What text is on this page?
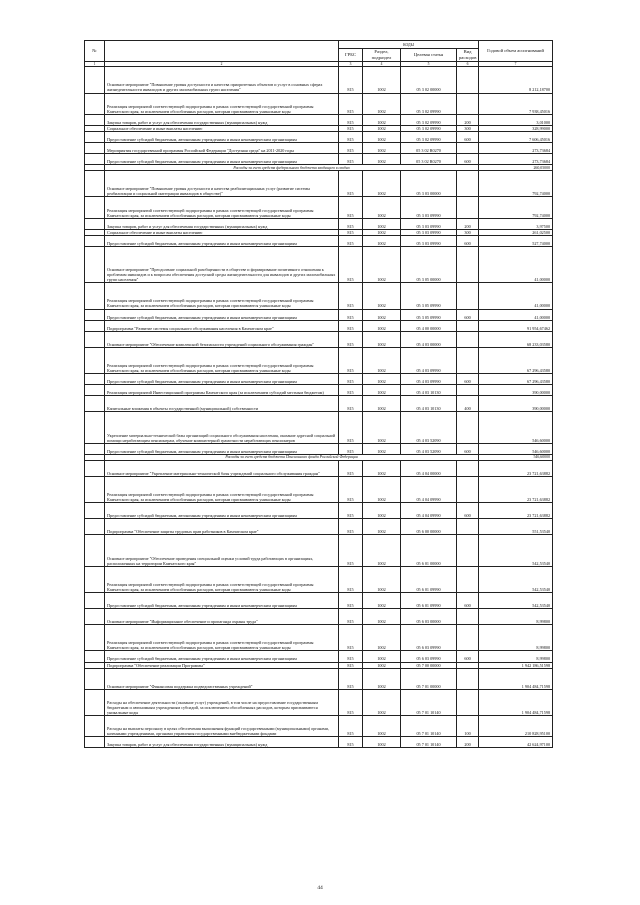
№		КОДЫ				Годовой объем ассигнований
		ГРБС	Раздел, подраздел	Целевая статья	Вид расходов	
1	2	3	4	5	6	7
	Основное мероприятие "Повышение уровня доступности и качества приоритетных объектов и услуг в основных сферах жизнедеятельности инвалидов и других маломобильных групп населения"	815	1002	05 3 02 00000		8 212,18700
	Реализация мероприятий соответствующей подпрограммы в рамках соответствующей государственной программы Камчатского края, за исключением обособленных расходов, которым присваиваются уникальные коды	815	1002	05 3 02 09990		7 938,45016
	Закупка товаров, работ и услуг для обеспечения государственных (муниципальных) нужд	815	1002	05 3 02 09990	200	3,01000
	Социальное обеспечение и иные выплаты населению	815	1002	05 3 02 09990	300	328,99000
	Предоставление субсидий бюджетным, автономным учреждениям и иным некоммерческим организациям	815	1002	05 3 02 09990	600	7 606,45016
	Мероприятия государственной программы Российской Федерации "Доступная среда" на 2011-2020 годы	815	1002	05 3 02 R0270		273,73684
	Предоставление субсидий бюджетным, автономным учреждениям и иным некоммерческим организациям	815	1002	05 3 02 R0270	600	273,73684
	Расходы за счет средств федерального бюджета входящего в сводно					260,05000
	Основное мероприятие "Повышение уровня доступности и качества реабилитационных услуг (развитие системы реабилитации и социальной интеграции инвалидов в обществе)"	815	1002	05 3 03 00000		792,74000
	Реализация мероприятий соответствующей подпрограммы в рамках соответствующей государственной программы Камчатского края, за исключением обособленных расходов, которым присваиваются уникальные коды	815	1002	05 3 03 09990		792,74000
	Закупка товаров, работ и услуг для обеспечения государственных (муниципальных) нужд	815	1002	05 3 03 09990	200	3,97500
	Социальное обеспечение и иные выплаты населению	815	1002	05 3 03 09990	300	261,02500
	Предоставление субсидий бюджетным, автономным учреждениям и иным некоммерческим организациям	815	1002	05 3 03 09990	600	527,74000
	Основное мероприятие "Преодоление социальной разобщенности в обществе и формирование позитивного отношения к проблемам инвалидов и к вопросам обеспечения доступной среды жизнедеятельности для инвалидов и других маломобильных групп населения"	815	1002	05 3 05 00000		41,00000
	Реализация мероприятий соответствующей подпрограммы в рамках соответствующей государственной программы Камчатского края, за исключением обособленных расходов, которым присваиваются уникальные коды	815	1002	05 3 05 09990		41,00000
	Предоставление субсидий бюджетным, автономным учреждениям и иным некоммерческим организациям	815	1002	05 3 05 09990	600	41,00000
	Подпрограмма "Развитие системы социального обслуживания населения в Камчатском крае"	815	1002	05 4 00 00000		91 954,67462
	Основное мероприятие "Обеспечение комплексной безопасности учреждений социального обслуживания граждан"	815	1002	05 4 03 00000		68 233,03580
	Реализация мероприятий соответствующей подпрограммы в рамках соответствующей государственной программы Камчатского края, за исключением обособленных расходов, которым присваиваются уникальные коды	815	1002	05 4 03 09990		67 296,43580
	Предоставление субсидий бюджетным, автономным учреждениям и иным некоммерческим организациям	815	1002	05 4 03 09990	600	67 296,43580
	Реализация мероприятий Инвестиционной программы Камчатского края (за исключением субсидий местным бюджетам)	815	1002	05 4 03 10130		390,00000
	Капитальные вложения в объекты государственной (муниципальной) собственности	815	1002	05 4 03 10130	400	390,00000
	Укрепление материально-технической базы организаций социального обслуживания населения, оказание адресной социальной помощи неработающим пенсионерам, обучение компьютерной грамотности неработающих пенсионеров	815	1002	05 4 03 52090		546,60000
	Предоставление субсидий бюджетным, автономным учреждениям и иным некоммерческим организациям	815	1002	05 4 03 52090	600	546,60000
	Расходы за счет средств бюджета Пенсионного фонда Российской Федерации					546,60000
	Основное мероприятие "Укрепление материально-технической базы учреждений социального обслуживания граждан"	815	1002	05 4 04 00000		23 721,63882
	Реализация мероприятий соответствующей подпрограммы в рамках соответствующей государственной программы Камчатского края, за исключением обособленных расходов, которым присваиваются уникальные коды	815	1002	05 4 04 09990		23 721,63882
	Предоставление субсидий бюджетным, автономным учреждениям и иным некоммерческим организациям	815	1002	05 4 04 09990	600	23 721,63882
	Подпрограмма "Обеспечение защиты трудовых прав работников в Камчатском крае"	815	1002	05 6 00 00000		551,53540
	Основное мероприятие "Обеспечение проведения специальной оценки условий труда работающих в организациях, расположенных на территории Камчатского края"	815	1002	05 6 01 00000		542,53540
	Реализация мероприятий соответствующей подпрограммы в рамках соответствующей государственной программы Камчатского края, за исключением обособленных расходов, которым присваиваются уникальные коды	815	1002	05 6 01 09990		542,53540
	Предоставление субсидий бюджетным, автономным учреждениям и иным некоммерческим организациям	815	1002	05 6 01 09990	600	542,53540
	Основное мероприятие "Информационное обеспечение и пропаганда охраны труда"	815	1002	05 6 03 00000		8,99800
	Реализация мероприятий соответствующей подпрограммы в рамках соответствующей государственной программы Камчатского края, за исключением обособленных расходов, которым присваиваются уникальные коды	815	1002	05 6 03 09990		8,99800
	Предоставление субсидий бюджетным, автономным учреждениям и иным некоммерческим организациям	815	1002	05 6 03 09990	600	8,99800
	Подпрограмма "Обеспечение реализации Программы"	815	1002	05 7 00 00000		1 942 186,51598
	Основное мероприятие "Финансовая поддержка подведомственных учреждений"	815	1002	05 7 01 00000		1 904 484,71598
	Расходы на обеспечение деятельности (оказание услуг) учреждений, в том числе на предоставление государственным бюджетным и автономным учреждениям субсидий, за исключением обособленных расходов, которым присваиваются уникальные коды	815	1002	05 7 01 10140		1 904 484,71598
	Расходы на выплаты персоналу в целях обеспечения выполнения функций государственными (муниципальными) органами, казенными учреждениями, органами управления государственными внебюджетными фондами	815	1002	05 7 01 10140	100	210 828,95100
	Закупка товаров, работ и услуг для обеспечения государственных (муниципальных) нужд	815	1002	05 7 01 10140	200	42 624,97100
44
